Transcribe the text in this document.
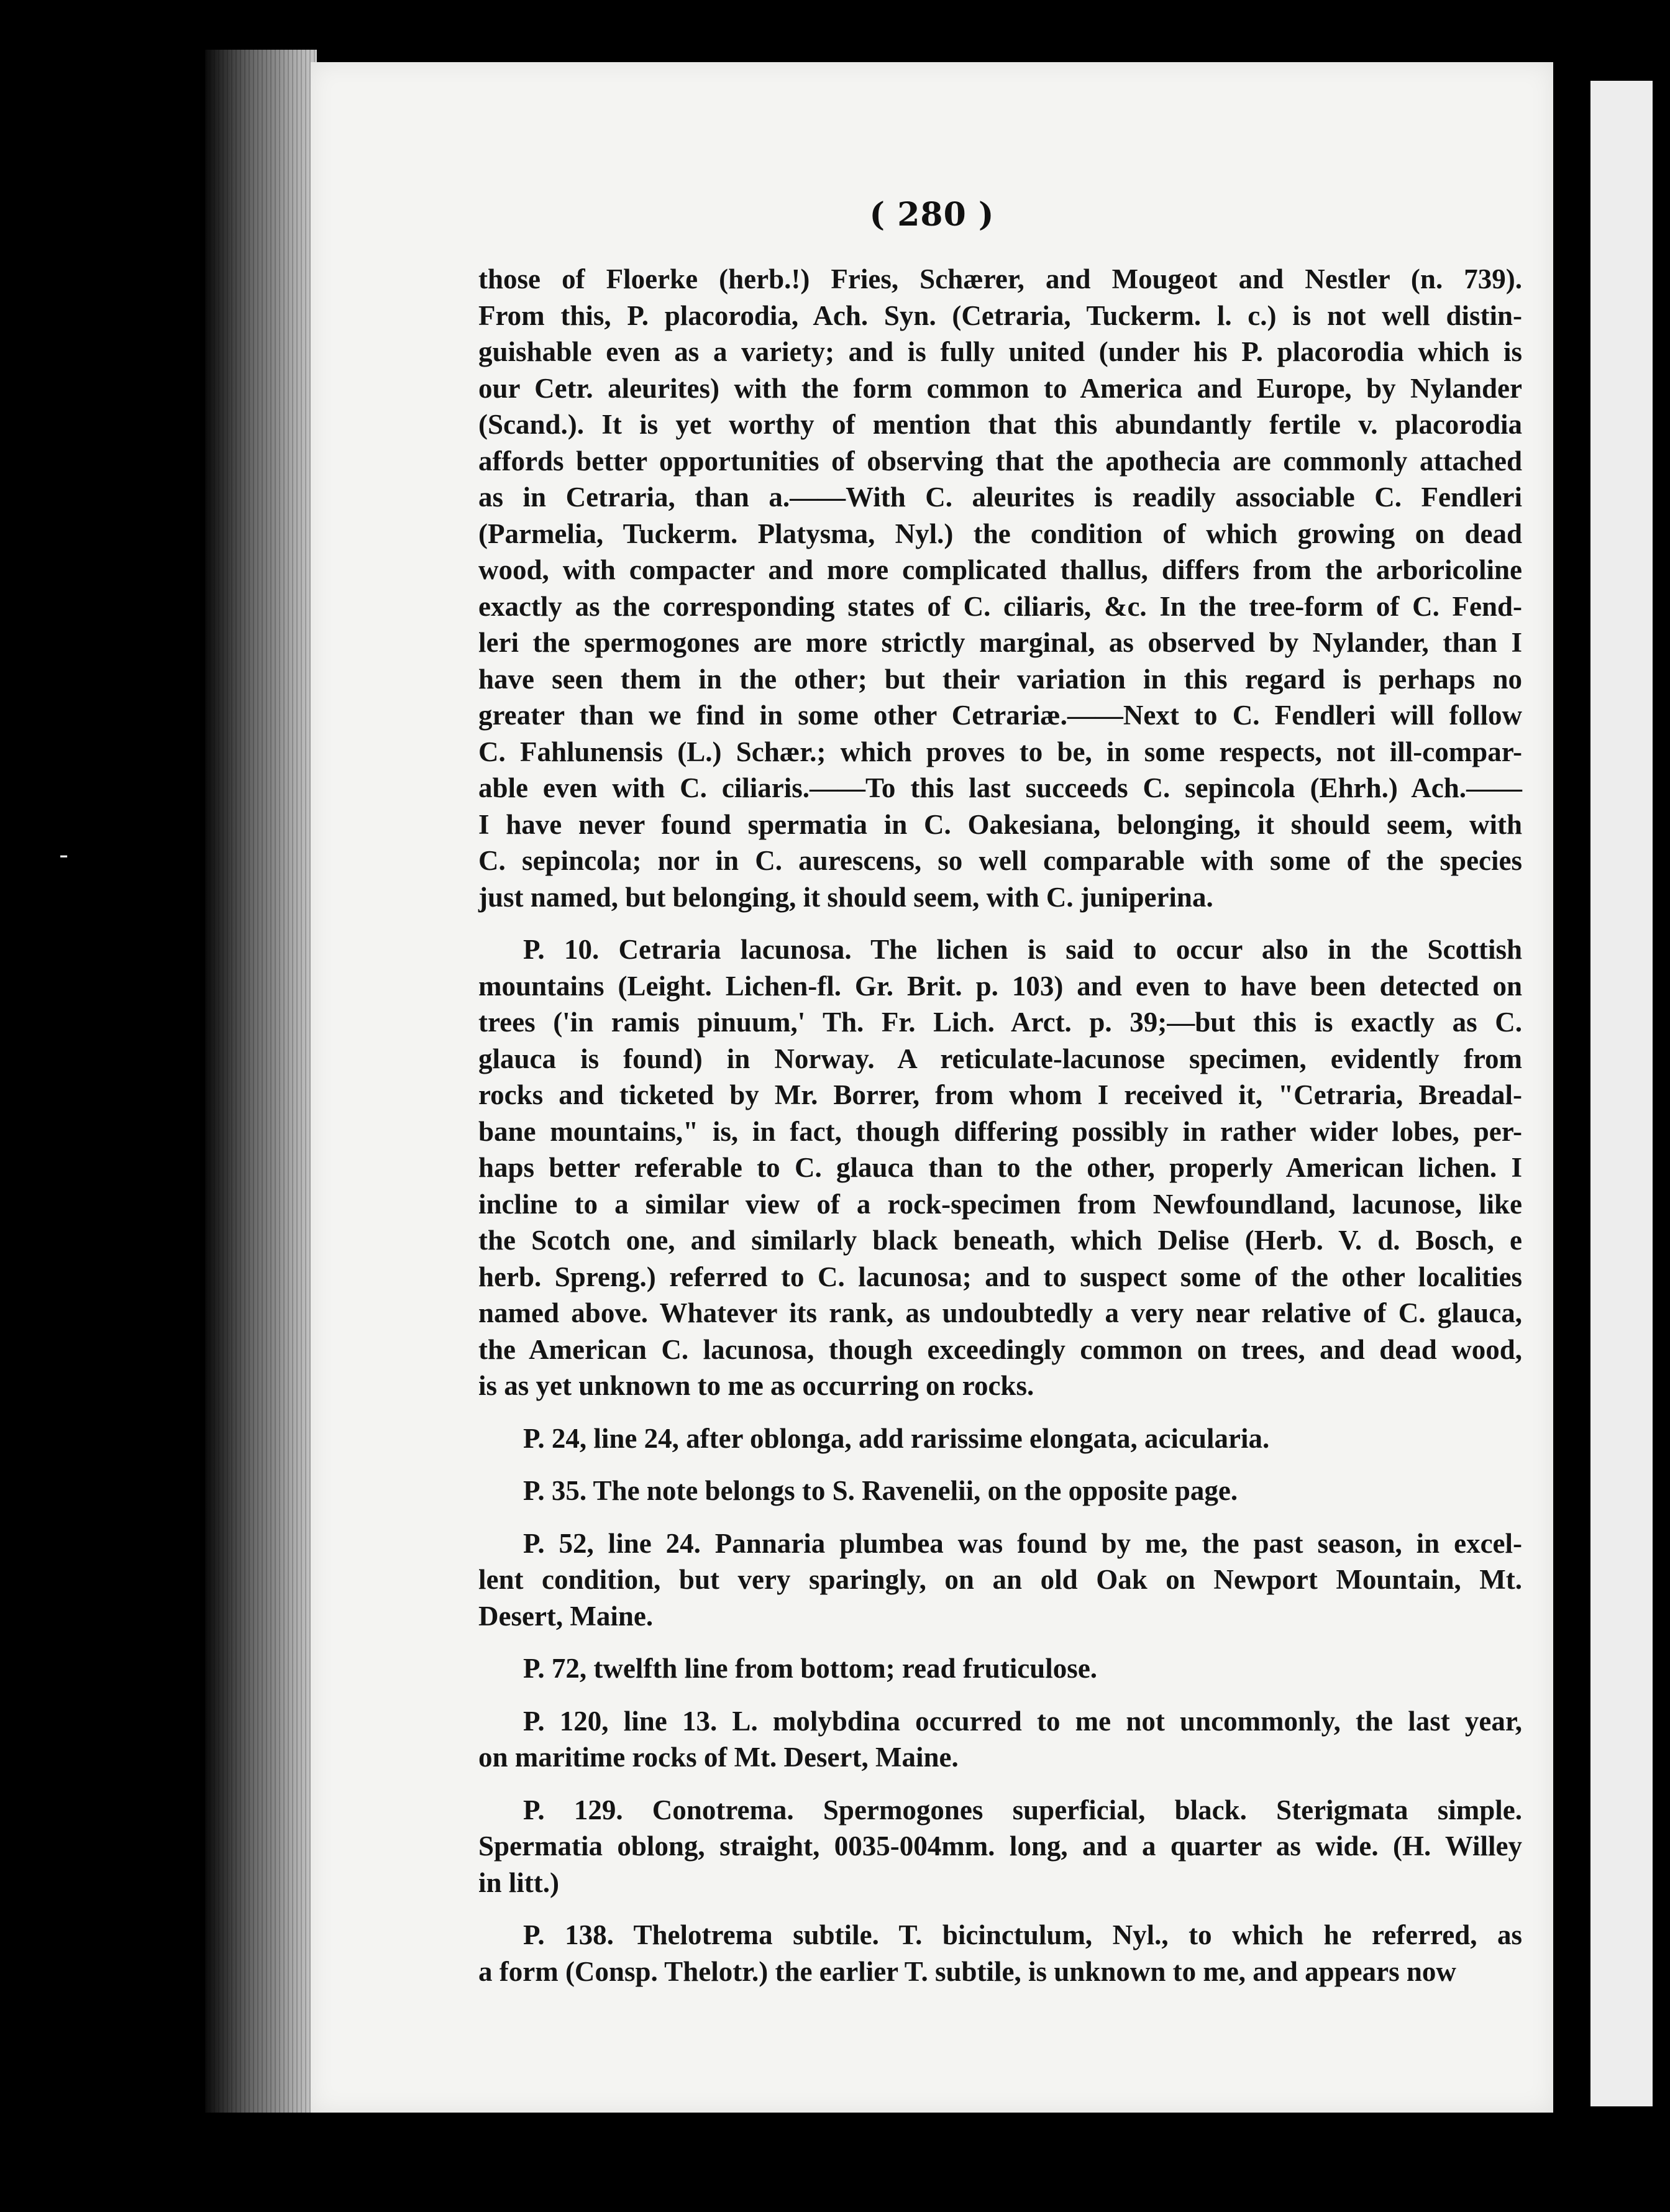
-
( 280 )
those of Floerke (herb.!) Fries, Schærer, and Mougeot and Nestler (n. 739).
From this, P. placorodia, Ach. Syn. (Cetraria, Tuckerm. l. c.) is not well distin-
guishable even as a variety; and is fully united (under his P. placorodia which is
our Cetr. aleurites) with the form common to America and Europe, by Nylander
(Scand.). It is yet worthy of mention that this abundantly fertile v. placorodia
affords better opportunities of observing that the apothecia are commonly attached
as in Cetraria, than a.——With C. aleurites is readily associable C. Fendleri
(Parmelia, Tuckerm. Platysma, Nyl.) the condition of which growing on dead
wood, with compacter and more complicated thallus, differs from the arboricoline
exactly as the corresponding states of C. ciliaris, &c. In the tree-form of C. Fend-
leri the spermogones are more strictly marginal, as observed by Nylander, than I
have seen them in the other; but their variation in this regard is perhaps no
greater than we find in some other Cetrariæ.——Next to C. Fendleri will follow
C. Fahlunensis (L.) Schær.; which proves to be, in some respects, not ill-compar-
able even with C. ciliaris.——To this last succeeds C. sepincola (Ehrh.) Ach.——
I have never found spermatia in C. Oakesiana, belonging, it should seem, with
C. sepincola; nor in C. aurescens, so well comparable with some of the species
just named, but belonging, it should seem, with C. juniperina.
P. 10. Cetraria lacunosa. The lichen is said to occur also in the Scottish
mountains (Leight. Lichen-fl. Gr. Brit. p. 103) and even to have been detected on
trees ('in ramis pinuum,' Th. Fr. Lich. Arct. p. 39;—but this is exactly as C.
glauca is found) in Norway. A reticulate-lacunose specimen, evidently from
rocks and ticketed by Mr. Borrer, from whom I received it, "Cetraria, Breadal-
bane mountains," is, in fact, though differing possibly in rather wider lobes, per-
haps better referable to C. glauca than to the other, properly American lichen. I
incline to a similar view of a rock-specimen from Newfoundland, lacunose, like
the Scotch one, and similarly black beneath, which Delise (Herb. V. d. Bosch, e
herb. Spreng.) referred to C. lacunosa; and to suspect some of the other localities
named above. Whatever its rank, as undoubtedly a very near relative of C. glauca,
the American C. lacunosa, though exceedingly common on trees, and dead wood,
is as yet unknown to me as occurring on rocks.
P. 24, line 24, after oblonga, add rarissime elongata, acicularia.
P. 35. The note belongs to S. Ravenelii, on the opposite page.
P. 52, line 24. Pannaria plumbea was found by me, the past season, in excel-
lent condition, but very sparingly, on an old Oak on Newport Mountain, Mt.
Desert, Maine.
P. 72, twelfth line from bottom; read fruticulose.
P. 120, line 13. L. molybdina occurred to me not uncommonly, the last year,
on maritime rocks of Mt. Desert, Maine.
P. 129. Conotrema. Spermogones superficial, black. Sterigmata simple.
Spermatia oblong, straight, 0035-004mm. long, and a quarter as wide. (H. Willey
in litt.)
P. 138. Thelotrema subtile. T. bicinctulum, Nyl., to which he referred, as
a form (Consp. Thelotr.) the earlier T. subtile, is unknown to me, and appears now
